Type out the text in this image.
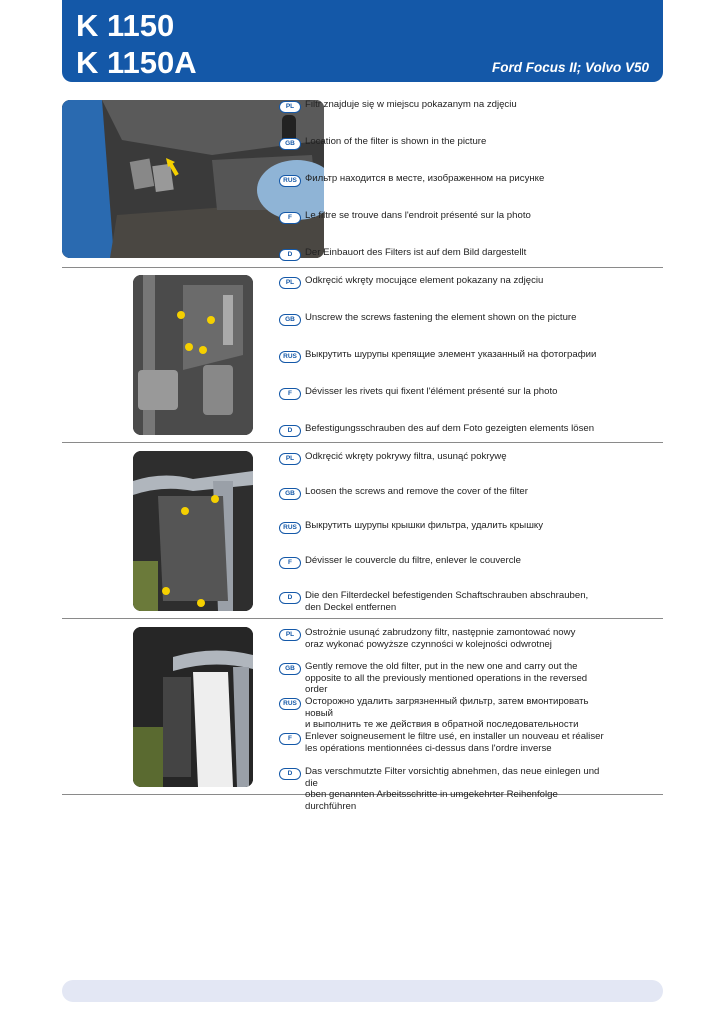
K 1150
K 1150A	Ford Focus II; Volvo V50
PL	Filtr znajduje się w miejscu pokazanym na zdjęciu
GB	Location of the filter is shown in the picture
RUS Фильтр находится в месте, изображенном на рисунке
F	Le filtre se trouve dans l'endroit présenté sur la photo
D	Der Einbauort des Filters ist auf dem Bild dargestellt
PL	Odkręcić wkręty mocujące element pokazany na zdjęciu
GB	Unscrew the screws fastening the element shown on the picture
RUS Выкрутить шурупы крепящие элемент указанный на фотографии
F	Dévisser les rivets qui fixent l'élément présenté sur la photo
D	Befestigungsschrauben des auf dem Foto gezeigten elements lösen
PL	Odkręcić wkręty pokrywy filtra, usunąć pokrywę
GB	Loosen the screws and remove the cover of the filter
RUS Выкрутить шурупы крышки фильтра, удалить крышку
F	Dévisser le couvercle du filtre, enlever le couvercle
D	Die den Filterdeckel befestigenden Schaftschrauben abschrauben,
den Deckel entfernen
PL	Ostrożnie usunąć zabrudzony filtr, następnie zamontować nowy
oraz wykonać powyższe czynności w kolejności odwrotnej
GB	Gently remove the old filter, put in the new one and carry out the
opposite to all the previously mentioned operations in the reversed order
RUS Осторожно удалить загрязненный фильтр, затем вмонтировать новый
и выполнить те же действия в обратной последовательности
F	Enlever soigneusement le filtre usé, en installer un nouveau et réaliser
les opérations mentionnées ci-dessus dans l'ordre inverse
D	Das verschmutzte Filter vorsichtig abnehmen, das neue einlegen und die
oben genannten Arbeitsschritte in umgekehrter Reihenfolge durchführen
